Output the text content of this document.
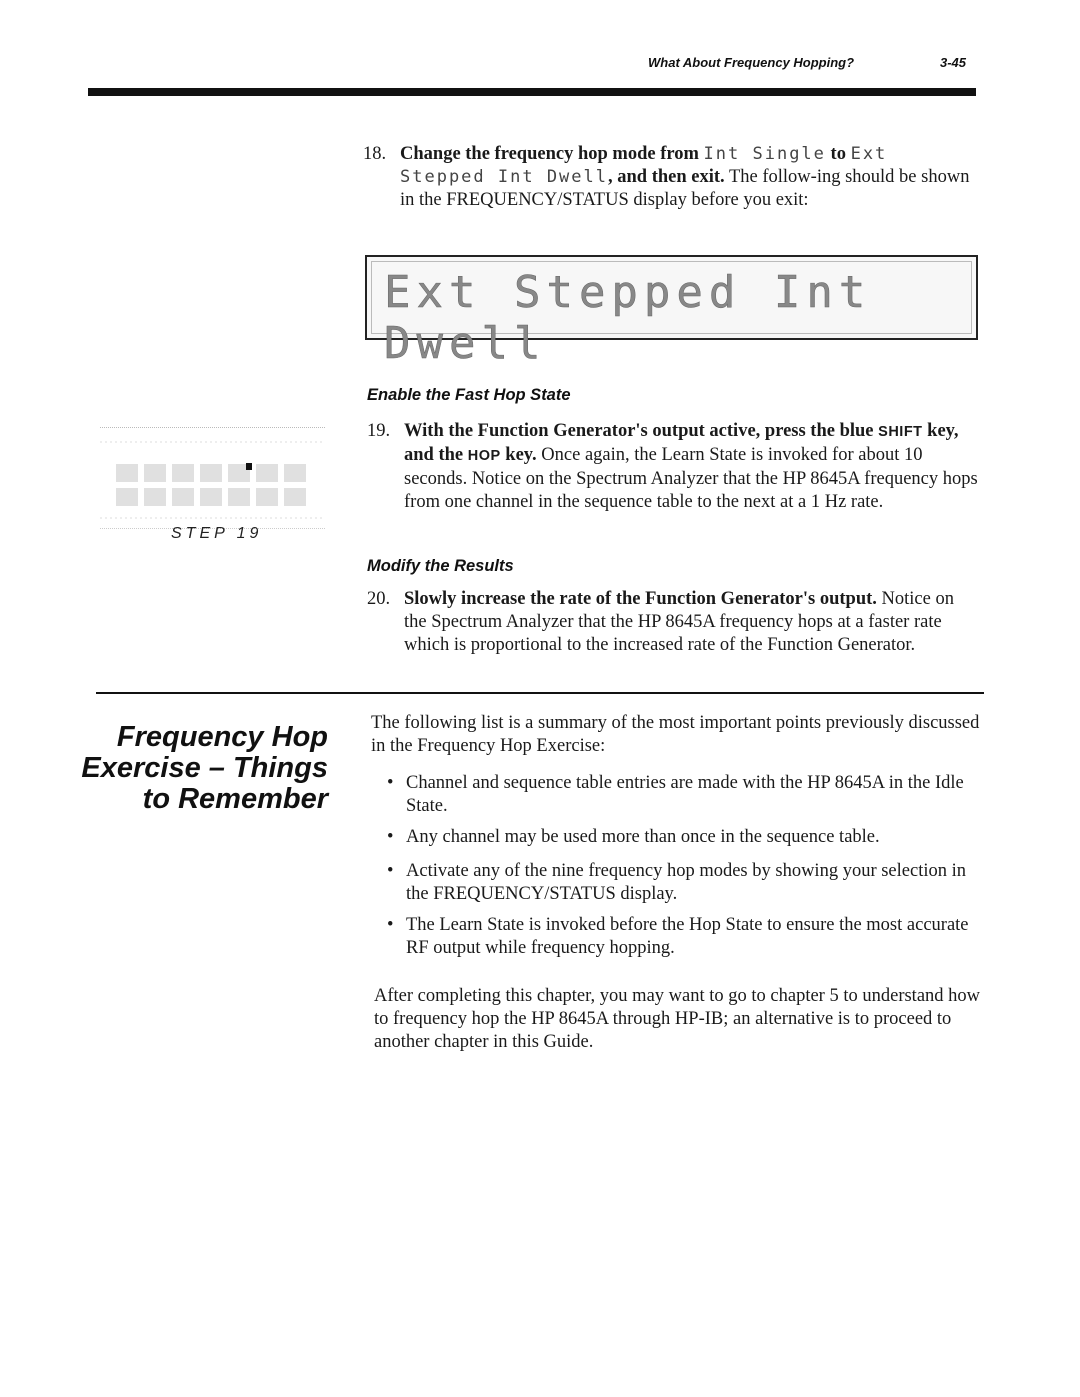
What About Frequency Hopping?	3-45
18. Change the frequency hop mode from Int Single to Ext Stepped Int Dwell, and then exit. The follow-ing should be shown in the FREQUENCY/STATUS display before you exit:
Ext Stepped Int Dwell
Enable the Fast Hop State
STEP 19
19. With the Function Generator's output active, press the blue SHIFT key, and the HOP key. Once again, the Learn State is invoked for about 10 seconds. Notice on the Spectrum Analyzer that the HP 8645A frequency hops from one channel in the sequence table to the next at a 1 Hz rate.
Modify the Results
20. Slowly increase the rate of the Function Generator's output. Notice on the Spectrum Analyzer that the HP 8645A frequency hops at a faster rate which is proportional to the increased rate of the Function Generator.
Frequency Hop
Exercise – Things
to Remember
The following list is a summary of the most important points previously discussed in the Frequency Hop Exercise:
• Channel and sequence table entries are made with the HP 8645A in the Idle State.
• Any channel may be used more than once in the sequence table.
• Activate any of the nine frequency hop modes by showing your selection in the FREQUENCY/STATUS display.
• The Learn State is invoked before the Hop State to ensure the most accurate RF output while frequency hopping.
After completing this chapter, you may want to go to chapter 5 to understand how to frequency hop the HP 8645A through HP-IB; an alternative is to proceed to another chapter in this Guide.
